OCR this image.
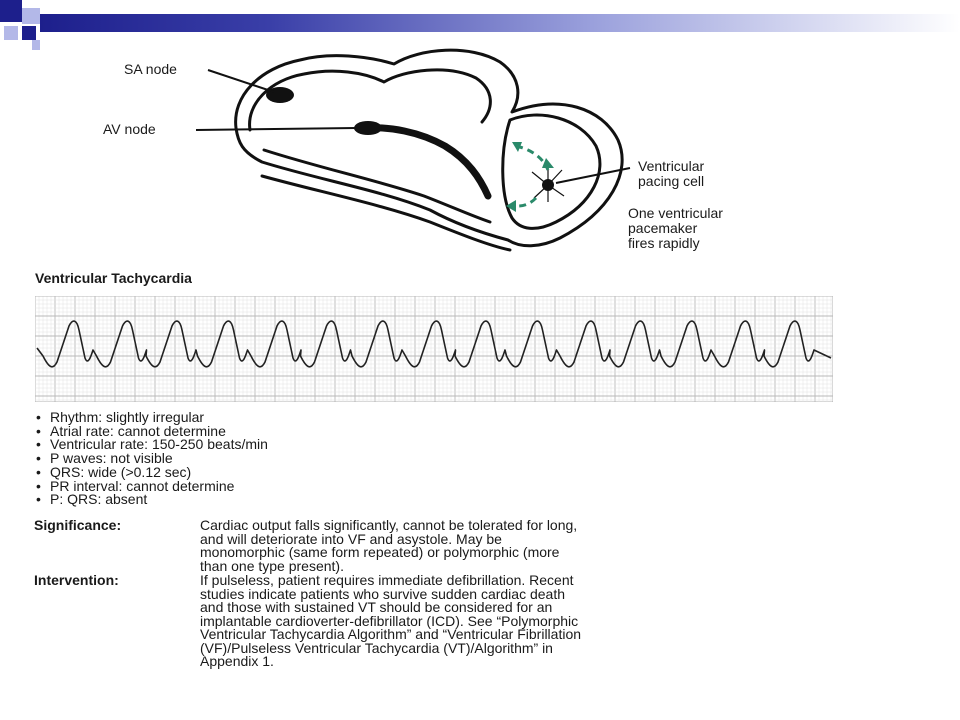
SA node
AV node
Ventricular
pacing cell
One ventricular
pacemaker
fires rapidly
Ventricular Tachycardia
• Rhythm: slightly irregular
• Atrial rate: cannot determine
• Ventricular rate: 150-250 beats/min
• P waves: not visible
• QRS: wide (>0.12 sec)
• PR interval: cannot determine
• P: QRS: absent
Significance:	Cardiac output falls significantly, cannot be tolerated for long,
and will deteriorate into VF and asystole. May be
monomorphic (same form repeated) or polymorphic (more
than one type present).
Intervention:	If pulseless, patient requires immediate defibrillation. Recent
studies indicate patients who survive sudden cardiac death
and those with sustained VT should be considered for an
implantable cardioverter-defibrillator (ICD). See “Polymorphic
Ventricular Tachycardia Algorithm” and “Ventricular Fibrillation
(VF)/Pulseless Ventricular Tachycardia (VT)/Algorithm” in
Appendix 1.
